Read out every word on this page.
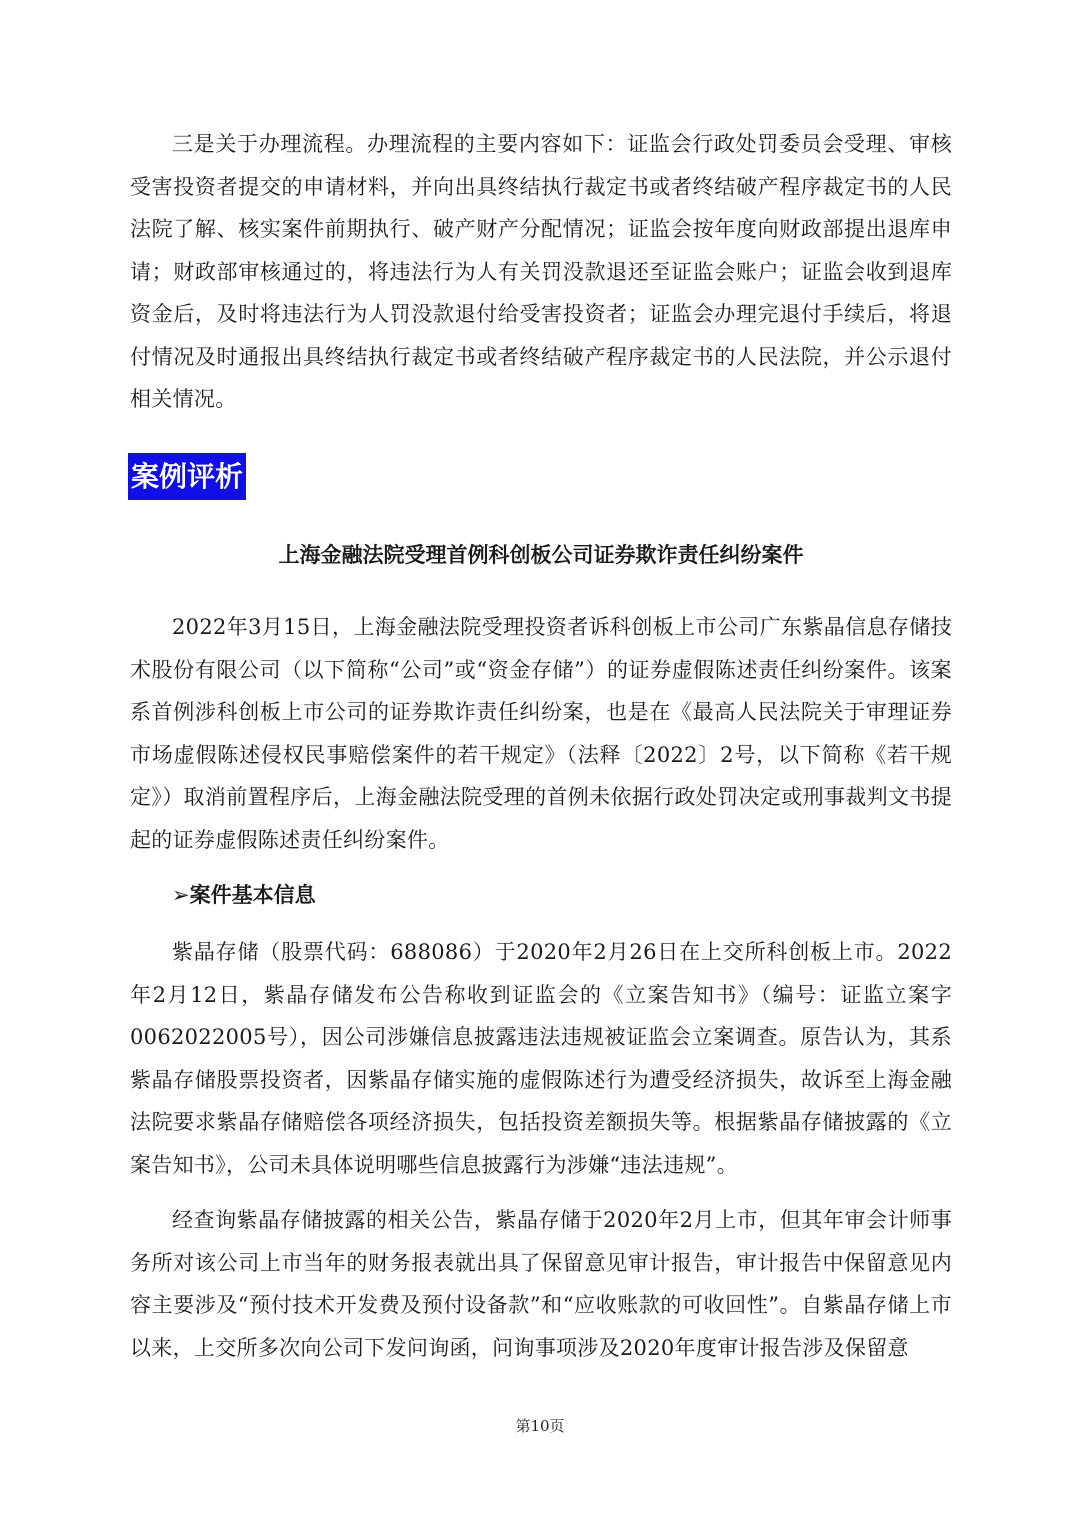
三是关于办理流程。办理流程的主要内容如下：证监会行政处罚委员会受理、审核受害投资者提交的申请材料，并向出具终结执行裁定书或者终结破产程序裁定书的人民法院了解、核实案件前期执行、破产财产分配情况；证监会按年度向财政部提出退库申请；财政部审核通过的，将违法行为人有关罚没款退还至证监会账户；证监会收到退库资金后，及时将违法行为人罚没款退付给受害投资者；证监会办理完退付手续后，将退付情况及时通报出具终结执行裁定书或者终结破产程序裁定书的人民法院，并公示退付相关情况。

案例评析
上海金融法院受理首例科创板公司证券欺诈责任纠纷案件

2022年3月15日，上海金融法院受理投资者诉科创板上市公司广东紫晶信息存储技术股份有限公司（以下简称“公司”或“资金存储”）的证券虚假陈述责任纠纷案件。该案系首例涉科创板上市公司的证券欺诈责任纠纷案，也是在《最高人民法院关于审理证券市场虚假陈述侵权民事赔偿案件的若干规定》（法释〔2022〕2号，以下简称《若干规定》）取消前置程序后，上海金融法院受理的首例未依据行政处罚决定或刑事裁判文书提起的证券虚假陈述责任纠纷案件。

➢案件基本信息

紫晶存储（股票代码：688086）于2020年2月26日在上交所科创板上市。2022年2月12日，紫晶存储发布公告称收到证监会的《立案告知书》（编号：证监立案字0062022005号），因公司涉嫌信息披露违法违规被证监会立案调查。原告认为，其系紫晶存储股票投资者，因紫晶存储实施的虚假陈述行为遭受经济损失，故诉至上海金融法院要求紫晶存储赔偿各项经济损失，包括投资差额损失等。根据紫晶存储披露的《立案告知书》，公司未具体说明哪些信息披露行为涉嫌“违法违规”。

经查询紫晶存储披露的相关公告，紫晶存储于2020年2月上市，但其年审会计师事务所对该公司上市当年的财务报表就出具了保留意见审计报告，审计报告中保留意见内容主要涉及“预付技术开发费及预付设备款”和“应收账款的可收回性”。自紫晶存储上市以来，上交所多次向公司下发问询函，问询事项涉及2020年度审计报告涉及保留意

第10页
